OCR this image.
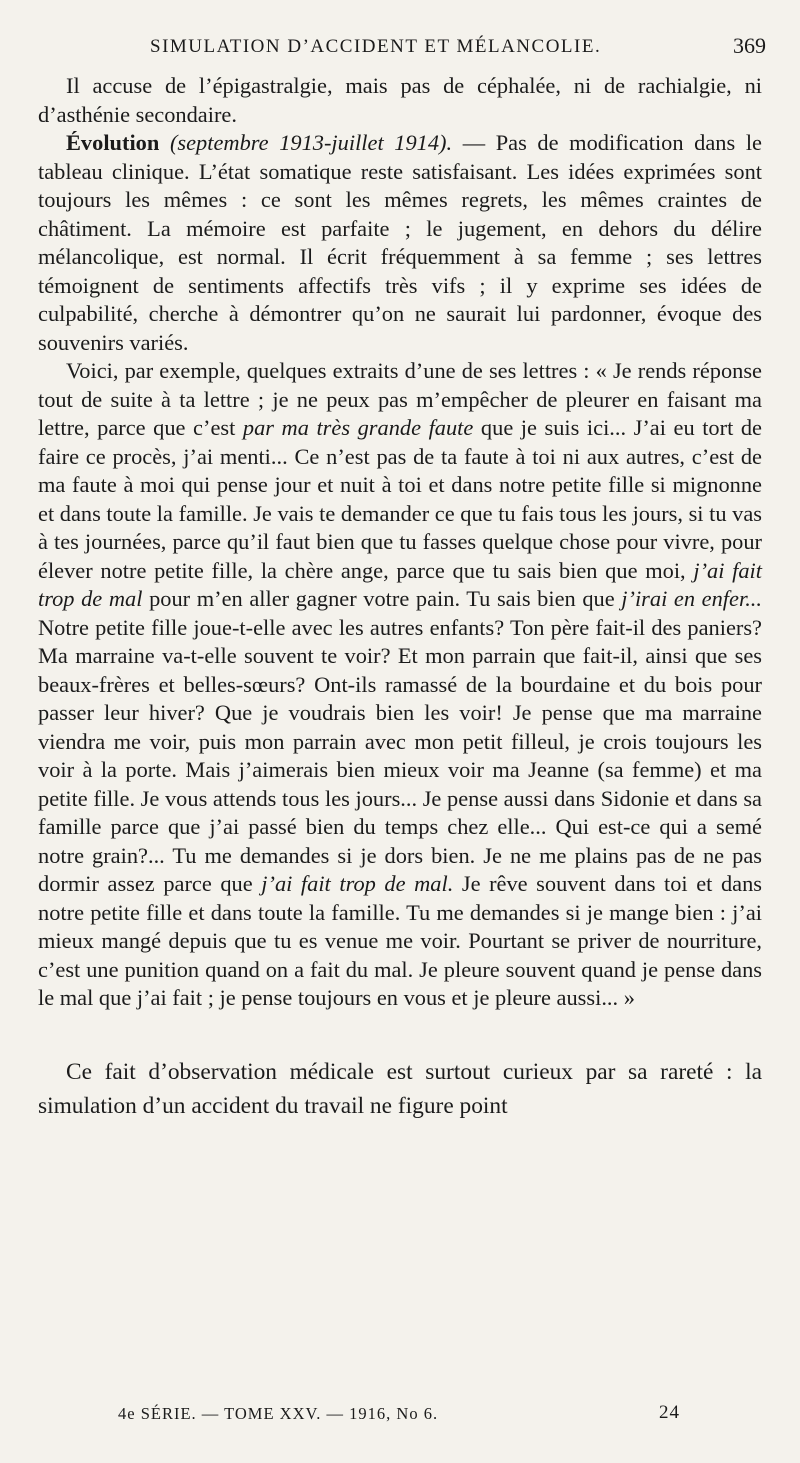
SIMULATION D’ACCIDENT ET MÉLANCOLIE.	369

Il accuse de l’épigastralgie, mais pas de céphalée, ni de rachialgie, ni d’asthénie secondaire.

Évolution (septembre 1913-juillet 1914). — Pas de modification dans le tableau clinique. L’état somatique reste satisfaisant. Les idées exprimées sont toujours les mêmes : ce sont les mêmes regrets, les mêmes craintes de châtiment. La mémoire est parfaite ; le jugement, en dehors du délire mélancolique, est normal. Il écrit fréquemment à sa femme ; ses lettres témoignent de sentiments affectifs très vifs ; il y exprime ses idées de culpabilité, cherche à démontrer qu’on ne saurait lui pardonner, évoque des souvenirs variés.

Voici, par exemple, quelques extraits d’une de ses lettres : « Je rends réponse tout de suite à ta lettre ; je ne peux pas m’empêcher de pleurer en faisant ma lettre, parce que c’est par ma très grande faute que je suis ici... J’ai eu tort de faire ce procès, j’ai menti... Ce n’est pas de ta faute à toi ni aux autres, c’est de ma faute à moi qui pense jour et nuit à toi et dans notre petite fille si mignonne et dans toute la famille. Je vais te demander ce que tu fais tous les jours, si tu vas à tes journées, parce qu’il faut bien que tu fasses quelque chose pour vivre, pour élever notre petite fille, la chère ange, parce que tu sais bien que moi, j’ai fait trop de mal pour m’en aller gagner votre pain. Tu sais bien que j’irai en enfer... Notre petite fille joue-t-elle avec les autres enfants? Ton père fait-il des paniers? Ma marraine va-t-elle souvent te voir? Et mon parrain que fait-il, ainsi que ses beaux-frères et belles-sœurs? Ont-ils ramassé de la bourdaine et du bois pour passer leur hiver? Que je voudrais bien les voir! Je pense que ma marraine viendra me voir, puis mon parrain avec mon petit filleul, je crois toujours les voir à la porte. Mais j’aimerais bien mieux voir ma Jeanne (sa femme) et ma petite fille. Je vous attends tous les jours... Je pense aussi dans Sidonie et dans sa famille parce que j’ai passé bien du temps chez elle... Qui est-ce qui a semé notre grain?... Tu me demandes si je dors bien. Je ne me plains pas de ne pas dormir assez parce que j’ai fait trop de mal. Je rêve souvent dans toi et dans notre petite fille et dans toute la famille. Tu me demandes si je mange bien : j’ai mieux mangé depuis que tu es venue me voir. Pourtant se priver de nourriture, c’est une punition quand on a fait du mal. Je pleure souvent quand je pense dans le mal que j’ai fait ; je pense toujours en vous et je pleure aussi... »

Ce fait d’observation médicale est surtout curieux par sa rareté : la simulation d’un accident du travail ne figure point

4e SÉRIE. — TOME XXV. — 1916, No 6.	24
